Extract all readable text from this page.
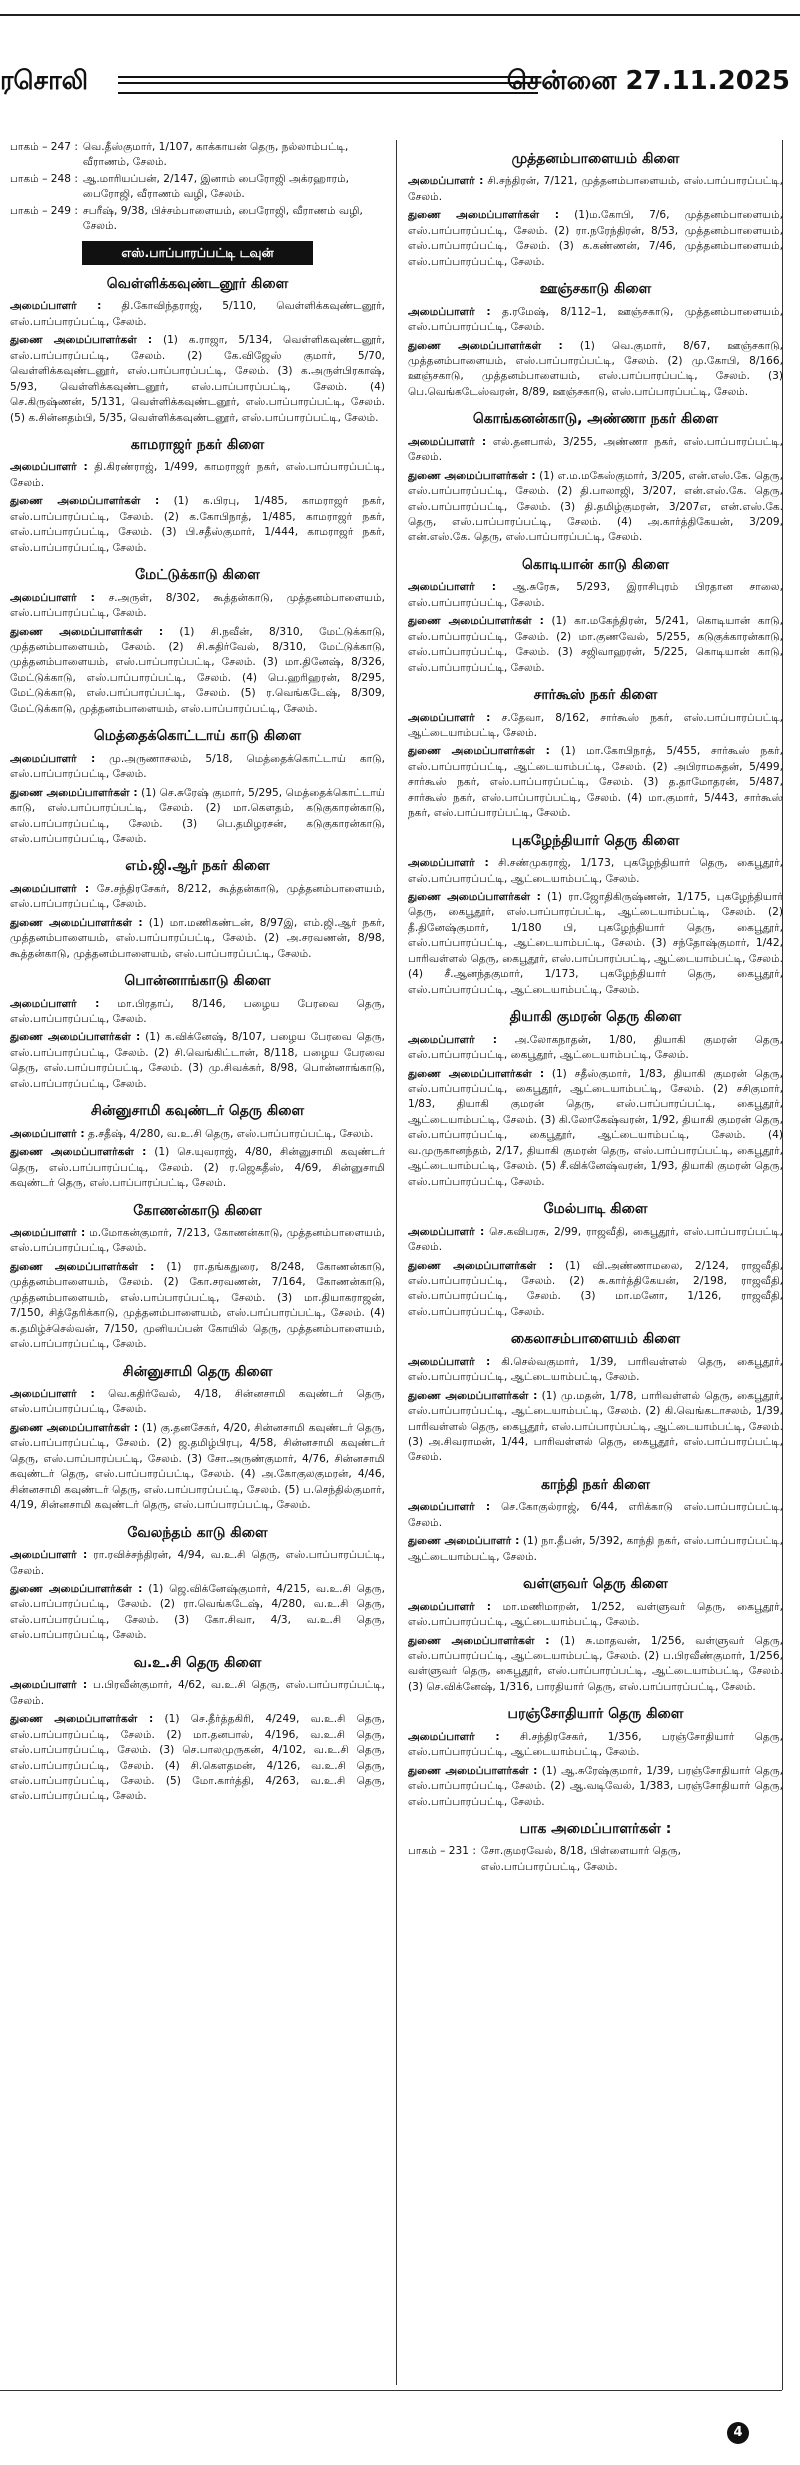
ரசொலி	சென்னை 27.11.2025
பாகம் – 247 : வெ.தீஸ்குமார், 1/107, காக்காயன் தெரு, நல்லாம்பட்டி, வீராணம், சேலம்.
பாகம் – 248 : ஆ.மாரியப்பன், 2/147, இனாம் பைரோஜி அக்ரஹாரம், பைரோஜி, வீராணம் வழி, சேலம்.
பாகம் – 249 : சபரீஷ், 9/38, பிச்சம்பாளையம், பைரோஜி, வீராணம் வழி, சேலம்.
எஸ்.பாப்பாரப்பட்டி டவுன்
வெள்ளிக்கவுண்டனூர் கிளை
அமைப்பாளர் : தி.கோவிந்தராஜ், 5/110, வெள்ளிக்கவுண்டனூர், எஸ்.பாப்பாரப்பட்டி, சேலம்.
துணை அமைப்பாளர்கள் : (1) க.ராஜா, 5/134, வெள்ளிகவுண்டனூர், எஸ்.பாப்பாரப்பட்டி, சேலம். (2) கே.விஜேஸ் குமார், 5/70, வெள்ளிக்கவுண்டனூர், எஸ்.பாப்பாரப்பட்டி, சேலம். (3) க.அருள்பிரகாஷ், 5/93, வெள்ளிக்கவுண்டனூர், எஸ்.பாப்பாரப்பட்டி, சேலம். (4) செ.கிருஷ்ணன், 5/131, வெள்ளிக்கவுண்டனூர், எஸ்.பாப்பாரப்பட்டி, சேலம். (5) க.சின்னதம்பி, 5/35, வெள்ளிக்கவுண்டனூர், எஸ்.பாப்பாரப்பட்டி, சேலம்.
காமராஜர் நகர் கிளை
அமைப்பாளர் : தி.கிரண்ராஜ், 1/499, காமராஜர் நகர், எஸ்.பாப்பாரப்பட்டி, சேலம்.
துணை அமைப்பாளர்கள் : (1) க.பிரபு, 1/485, காமராஜர் நகர், எஸ்.பாப்பாரப்பட்டி, சேலம். (2) க.கோபிநாத், 1/485, காமராஜர் நகர், எஸ்.பாப்பாரப்பட்டி, சேலம். (3) பி.சதீஸ்குமார், 1/444, காமராஜர் நகர், எஸ்.பாப்பாரப்பட்டி, சேலம்.
மேட்டுக்காடு கிளை
அமைப்பாளர் : ச.அருள், 8/302, கூத்தன்காடு, முத்தனம்பாளையம், எஸ்.பாப்பாரப்பட்டி, சேலம்.
துணை அமைப்பாளர்கள் : (1) சி.நவீன், 8/310, மேட்டுக்காடு, முத்தனம்பாளையம், சேலம். (2) சி.சுதிர்வேல், 8/310, மேட்டுக்காடு, முத்தனம்பாளையம், எஸ்.பாப்பாரப்பட்டி, சேலம். (3) மா.தினேஷ், 8/326, மேட்டுக்காடு, எஸ்.பாப்பாரப்பட்டி, சேலம். (4) பெ.ஹரிஹரன், 8/295, மேட்டுக்காடு, எஸ்.பாப்பாரப்பட்டி, சேலம். (5) ர.வெங்கடேஷ், 8/309, மேட்டுக்காடு, முத்தனம்பாளையம், எஸ்.பாப்பாரப்பட்டி, சேலம்.
மெத்தைக்கொட்டாய் காடு கிளை
அமைப்பாளர் : மு.அருணாசலம், 5/18, மெத்தைக்கொட்டாய் காடு, எஸ்.பாப்பாரப்பட்டி, சேலம்.
துணை அமைப்பாளர்கள் : (1) செ.சுரேஷ் குமார், 5/295, மெத்தைக்கொட்டாய் காடு, எஸ்.பாப்பாரப்பட்டி, சேலம். (2) மா.கௌதம், கடுகுகாரன்காடு, எஸ்.பாப்பாரப்பட்டி, சேலம். (3) பெ.தமிழரசன், கடுகுகாரன்காடு, எஸ்.பாப்பாரப்பட்டி, சேலம்.
எம்.ஜி.ஆர் நகர் கிளை
அமைப்பாளர் : சே.சந்திரசேகர், 8/212, கூத்தன்காடு, முத்தனம்பாளையம், எஸ்.பாப்பாரப்பட்டி, சேலம்.
துணை அமைப்பாளர்கள் : (1) மா.மணிகண்டன், 8/97இ, எம்.ஜி.ஆர் நகர், முத்தனம்பாளையம், எஸ்.பாப்பாரப்பட்டி, சேலம். (2) அ.சரவணன், 8/98, கூத்தன்காடு, முத்தனம்பாளையம், எஸ்.பாப்பாரப்பட்டி, சேலம்.
பொன்னாங்காடு கிளை
அமைப்பாளர் : மா.பிரதாப், 8/146, பழைய பேரவை தெரு, எஸ்.பாப்பாரப்பட்டி, சேலம்.
துணை அமைப்பாளர்கள் : (1) க.விக்னேஷ், 8/107, பழைய பேரவை தெரு, எஸ்.பாப்பாரப்பட்டி, சேலம். (2) சி.வெங்கிட்டான், 8/118, பழைய பேரவை தெரு, எஸ்.பாப்பாரப்பட்டி, சேலம். (3) மு.சிவக்கர், 8/98, பொன்னாங்காடு, எஸ்.பாப்பாரப்பட்டி, சேலம்.
சின்னுசாமி கவுண்டர் தெரு கிளை
அமைப்பாளர் : த.சதீஷ், 4/280, வ.உ.சி தெரு, எஸ்.பாப்பாரப்பட்டி, சேலம்.
துணை அமைப்பாளர்கள் : (1) செ.யுவராஜ், 4/80, சின்னுசாமி கவுண்டர் தெரு, எஸ்.பாப்பாரப்பட்டி, சேலம். (2) ர.ஜெகதீஸ், 4/69, சின்னுசாமி கவுண்டர் தெரு, எஸ்.பாப்பாரப்பட்டி, சேலம்.
கோணன்காடு கிளை
அமைப்பாளர் : ம.மோகன்குமார், 7/213, கோணன்காடு, முத்தனம்பாளையம், எஸ்.பாப்பாரப்பட்டி, சேலம்.
துணை அமைப்பாளர்கள் : (1) ரா.தங்கதுரை, 8/248, கோணன்காடு, முத்தனம்பாளையம், சேலம். (2) கோ.சரவணன், 7/164, கோணன்காடு, முத்தனம்பாளையம், எஸ்.பாப்பாரப்பட்டி, சேலம். (3) மா.தியாகராஜன், 7/150, சித்தேரிக்காடு, முத்தனம்பாளையம், எஸ்.பாப்பாரப்பட்டி, சேலம். (4) க.தமிழ்ச்செல்வன், 7/150, முனியப்பன் கோயில் தெரு, முத்தனம்பாளையம், எஸ்.பாப்பாரப்பட்டி, சேலம்.
சின்னுசாமி தெரு கிளை
அமைப்பாளர் : வெ.கதிர்வேல், 4/18, சின்னசாமி கவுண்டர் தெரு, எஸ்.பாப்பாரப்பட்டி, சேலம்.
துணை அமைப்பாளர்கள் : (1) கு.தனசேகர், 4/20, சின்னசாமி கவுண்டர் தெரு, எஸ்.பாப்பாரப்பட்டி, சேலம். (2) ஜ.தமிழ்பிரபு, 4/58, சின்னசாமி கவுண்டர் தெரு, எஸ்.பாப்பாரப்பட்டி, சேலம். (3) சோ.அருண்குமார், 4/76, சின்னசாமி கவுண்டர் தெரு, எஸ்.பாப்பாரப்பட்டி, சேலம். (4) அ.கோகுலகுமரன், 4/46, சின்னசாமி கவுண்டர் தெரு, எஸ்.பாப்பாரப்பட்டி, சேலம். (5) ப.செந்தில்குமார், 4/19, சின்னசாமி கவுண்டர் தெரு, எஸ்.பாப்பாரப்பட்டி, சேலம்.
வேலந்தம் காடு கிளை
அமைப்பாளர் : ரா.ரவிச்சந்திரன், 4/94, வ.உ.சி தெரு, எஸ்.பாப்பாரப்பட்டி, சேலம்.
துணை அமைப்பாளர்கள் : (1) ஜெ.விக்னேஷ்குமார், 4/215, வ.உ.சி தெரு, எஸ்.பாப்பாரப்பட்டி, சேலம். (2) ரா.வெங்கடேஷ், 4/280, வ.உ.சி தெரு, எஸ்.பாப்பாரப்பட்டி, சேலம். (3) கோ.சிவா, 4/3, வ.உ.சி தெரு, எஸ்.பாப்பாரப்பட்டி, சேலம்.
வ.உ.சி தெரு கிளை
அமைப்பாளர் : ப.பிரவீன்குமார், 4/62, வ.உ.சி தெரு, எஸ்.பாப்பாரப்பட்டி, சேலம்.
துணை அமைப்பாளர்கள் : (1) செ.தீர்த்தகிரி, 4/249, வ.உ.சி தெரு, எஸ்.பாப்பாரப்பட்டி, சேலம். (2) மா.தனபால், 4/196, வ.உ.சி தெரு, எஸ்.பாப்பாரப்பட்டி, சேலம். (3) செ.பாலமுருகன், 4/102, வ.உ.சி தெரு, எஸ்.பாப்பாரப்பட்டி, சேலம். (4) சி.கௌதமன், 4/126, வ.உ.சி தெரு, எஸ்.பாப்பாரப்பட்டி, சேலம். (5) மோ.கார்த்தி, 4/263, வ.உ.சி தெரு, எஸ்.பாப்பாரப்பட்டி, சேலம்.
முத்தனம்பாளையம் கிளை
அமைப்பாளர் : சி.சந்திரன், 7/121, முத்தனம்பாளையம், எஸ்.பாப்பாரப்பட்டி, சேலம்.
துணை அமைப்பாளர்கள் : (1)ம.கோபி, 7/6, முத்தனம்பாளையம், எஸ்.பாப்பாரப்பட்டி, சேலம். (2) ரா.நரேந்திரன், 8/53, முத்தனம்பாளையம், எஸ்.பாப்பாரப்பட்டி, சேலம். (3) க.கண்ணன், 7/46, முத்தனம்பாளையம், எஸ்.பாப்பாரப்பட்டி, சேலம்.
ஊஞ்சகாடு கிளை
அமைப்பாளர் : த.ரமேஷ், 8/112–1, ஊஞ்சகாடு, முத்தனம்பாளையம், எஸ்.பாப்பாரப்பட்டி, சேலம்.
துணை அமைப்பாளர்கள் : (1) வெ.குமார், 8/67, ஊஞ்சகாடு, முத்தனம்பாளையம், எஸ்.பாப்பாரப்பட்டி, சேலம். (2) மு.கோபி, 8/166, ஊஞ்சகாடு, முத்தனம்பாளையம், எஸ்.பாப்பாரப்பட்டி, சேலம். (3) பெ.வெங்கடேஸ்வரன், 8/89, ஊஞ்சகாடு, எஸ்.பாப்பாரப்பட்டி, சேலம்.
கொங்கனன்காடு, அண்ணா நகர் கிளை
அமைப்பாளர் : எல்.தனபால், 3/255, அண்ணா நகர், எஸ்.பாப்பாரப்பட்டி, சேலம்.
துணை அமைப்பாளர்கள் : (1) எ.ம.மகேஸ்குமார், 3/205, என்.எஸ்.கே. தெரு, எஸ்.பாப்பாரப்பட்டி, சேலம். (2) தி.பாலாஜி, 3/207, என்.எஸ்.கே. தெரு, எஸ்.பாப்பாரப்பட்டி, சேலம். (3) தி.தமிழ்குமரன், 3/207எ, என்.எஸ்.கே. தெரு, எஸ்.பாப்பாரப்பட்டி, சேலம். (4) அ.கார்த்திகேயன், 3/209, என்.எஸ்.கே. தெரு, எஸ்.பாப்பாரப்பட்டி, சேலம்.
கொடியான் காடு கிளை
அமைப்பாளர் : ஆ.சுரேசு, 5/293, இராசிபுரம் பிரதான சாலை, எஸ்.பாப்பாரப்பட்டி, சேலம்.
துணை அமைப்பாளர்கள் : (1) கா.மகேந்திரன், 5/241, கொடியான் காடு, எஸ்.பாப்பாரப்பட்டி, சேலம். (2) மா.குணவேல், 5/255, கடுகுக்காரன்காடு, எஸ்.பாப்பாரப்பட்டி, சேலம். (3) சஜிவாஹரன், 5/225, கொடியான் காடு, எஸ்.பாப்பாரப்பட்டி, சேலம்.
சார்கூஸ் நகர் கிளை
அமைப்பாளர் : ச.தேவா, 8/162, சார்கூஸ் நகர், எஸ்.பாப்பாரப்பட்டி, ஆட்டையாம்பட்டி, சேலம்.
துணை அமைப்பாளர்கள் : (1) மா.கோபிநாத், 5/455, சார்கூஸ் நகர், எஸ்.பாப்பாரப்பட்டி, ஆட்டையாம்பட்டி, சேலம். (2) அபிராமசுதன், 5/499, சார்கூஸ் நகர், எஸ்.பாப்பாரப்பட்டி, சேலம். (3) த.தாமோதரன், 5/487, சார்கூஸ் நகர், எஸ்.பாப்பாரப்பட்டி, சேலம். (4) மா.குமார், 5/443, சார்கூஸ் நகர், எஸ்.பாப்பாரப்பட்டி, சேலம்.
புகழேந்தியார் தெரு கிளை
அமைப்பாளர் : சி.சண்முகராஜ், 1/173, புகழேந்தியார் தெரு, கைபூதூர், எஸ்.பாப்பாரப்பட்டி, ஆட்டையாம்பட்டி, சேலம்.
துணை அமைப்பாளர்கள் : (1) ரா.ஜோதிகிருஷ்ணன், 1/175, புகழேந்தியார் தெரு, கைபூதூர், எஸ்.பாப்பாரப்பட்டி, ஆட்டையாம்பட்டி, சேலம். (2) தீ.தினேஷ்குமார், 1/180 பி, புகழேந்தியார் தெரு, கைபூதூர், எஸ்.பாப்பாரப்பட்டி, ஆட்டையாம்பட்டி, சேலம். (3) சந்தோஷ்குமார், 1/42, பாரிவள்ளல் தெரு, கைபூதூர், எஸ்.பாப்பாரப்பட்டி, ஆட்டையாம்பட்டி, சேலம். (4) சீ.ஆனந்தகுமார், 1/173, புகழேந்தியார் தெரு, கைபூதூர், எஸ்.பாப்பாரப்பட்டி, ஆட்டையாம்பட்டி, சேலம்.
தியாகி குமரன் தெரு கிளை
அமைப்பாளர் : அ.லோகநாதன், 1/80, தியாகி குமரன் தெரு, எஸ்.பாப்பாரப்பட்டி, கைபூதூர், ஆட்டையாம்பட்டி, சேலம்.
துணை அமைப்பாளர்கள் : (1) சதீஸ்குமார், 1/83, தியாகி குமரன் தெரு, எஸ்.பாப்பாரப்பட்டி, கைபூதூர், ஆட்டையாம்பட்டி, சேலம். (2) சசிகுமார், 1/83, தியாகி குமரன் தெரு, எஸ்.பாப்பாரப்பட்டி, கைபூதூர், ஆட்டையாம்பட்டி, சேலம். (3) கி.லோகேஷ்வரன், 1/92, தியாகி குமரன் தெரு, எஸ்.பாப்பாரப்பட்டி, கைபூதூர், ஆட்டையாம்பட்டி, சேலம். (4) வ.முருகானந்தம், 2/17, தியாகி குமரன் தெரு, எஸ்.பாப்பாரப்பட்டி, கைபூதூர், ஆட்டையாம்பட்டி, சேலம். (5) சீ.விக்னேஷ்வரன், 1/93, தியாகி குமரன் தெரு, எஸ்.பாப்பாரப்பட்டி, சேலம்.
மேல்பாடி கிளை
அமைப்பாளர் : செ.கவிபரசு, 2/99, ராஜவீதி, கைபூதூர், எஸ்.பாப்பாரப்பட்டி, சேலம்.
துணை அமைப்பாளர்கள் : (1) வி.அண்ணாமலை, 2/124, ராஜவீதி, எஸ்.பாப்பாரப்பட்டி, சேலம். (2) சு.கார்த்திகேயன், 2/198, ராஜவீதி, எஸ்.பாப்பாரப்பட்டி, சேலம். (3) மா.மனோ, 1/126, ராஜவீதி, எஸ்.பாப்பாரப்பட்டி, சேலம்.
கைலாசம்பாளையம் கிளை
அமைப்பாளர் : கி.செல்வகுமார், 1/39, பாரிவள்ளல் தெரு, கைபூதூர், எஸ்.பாப்பாரப்பட்டி, ஆட்டையாம்பட்டி, சேலம்.
துணை அமைப்பாளர்கள் : (1) மு.மதன், 1/78, பாரிவள்ளல் தெரு, கைபூதூர், எஸ்.பாப்பாரப்பட்டி, ஆட்டையாம்பட்டி, சேலம். (2) கி.வெங்கடாசலம், 1/39, பாரிவள்ளல் தெரு, கைபூதூர், எஸ்.பாப்பாரப்பட்டி, ஆட்டையாம்பட்டி, சேலம். (3) அ.சிவராமன், 1/44, பாரிவள்ளல் தெரு, கைபூதூர், எஸ்.பாப்பாரப்பட்டி, சேலம்.
காந்தி நகர் கிளை
அமைப்பாளர் : செ.கோகுல்ராஜ், 6/44, எரிக்காடு எஸ்.பாப்பாரப்பட்டி, சேலம்.
துணை அமைப்பாளர் : (1) நா.தீபன், 5/392, காந்தி நகர், எஸ்.பாப்பாரப்பட்டி, ஆட்டையாம்பட்டி, சேலம்.
வள்ளுவர் தெரு கிளை
அமைப்பாளர் : மா.மணிமாறன், 1/252, வள்ளுவர் தெரு, கைபூதூர், எஸ்.பாப்பாரப்பட்டி, ஆட்டையாம்பட்டி, சேலம்.
துணை அமைப்பாளர்கள் : (1) சு.மாதவன், 1/256, வள்ளுவர் தெரு, எஸ்.பாப்பாரப்பட்டி, ஆட்டையாம்பட்டி, சேலம். (2) ப.பிரவீண்குமார், 1/256, வள்ளுவர் தெரு, கைபூதூர், எஸ்.பாப்பாரப்பட்டி, ஆட்டையாம்பட்டி, சேலம். (3) செ.விக்னேஷ், 1/316, பாரதியார் தெரு, எஸ்.பாப்பாரப்பட்டி, சேலம்.
பரஞ்சோதியார் தெரு கிளை
அமைப்பாளர் : சி.சந்திரசேகர், 1/356, பரஞ்சோதியார் தெரு, எஸ்.பாப்பாரப்பட்டி, ஆட்டையாம்பட்டி, சேலம்.
துணை அமைப்பாளர்கள் : (1) ஆ.சுரேஷ்குமார், 1/39, பரஞ்சோதியார் தெரு, எஸ்.பாப்பாரப்பட்டி, சேலம். (2) ஆ.வடிவேல், 1/383, பரஞ்சோதியார் தெரு, எஸ்.பாப்பாரப்பட்டி, சேலம்.
பாக அமைப்பாளர்கள் :
பாகம் – 231 : சோ.குமரவேல், 8/18, பிள்ளையார் தெரு, எஸ்.பாப்பாரப்பட்டி, சேலம்.
4
